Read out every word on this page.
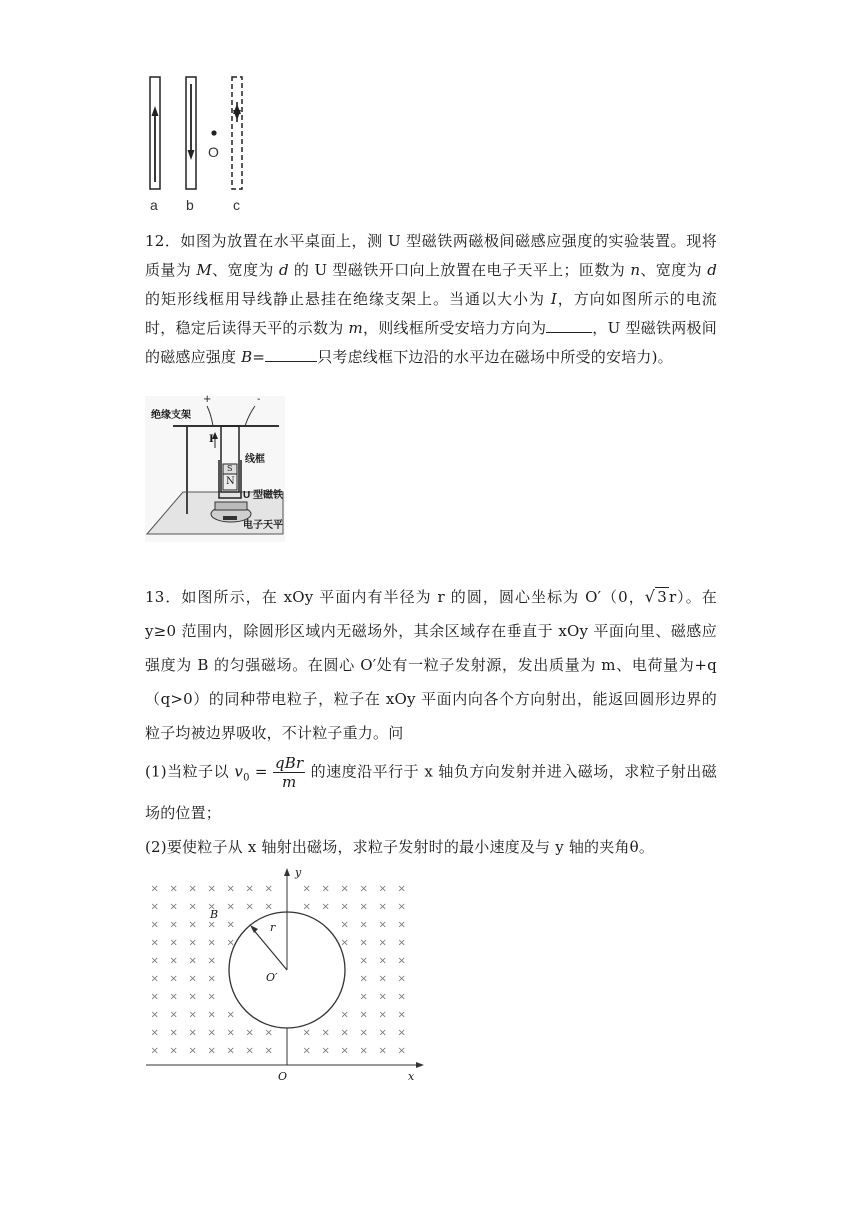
O
a b	c

12．如图为放置在水平桌面上，测 U 型磁铁两磁极间磁感应强度的实验装置。现将质量为 M、宽度为 d 的 U 型磁铁开口向上放置在电子天平上；匝数为 n、宽度为 d 的矩形线框用导线静止悬挂在绝缘支架上。当通以大小为 I，方向如图所示的电流时，稳定后读得天平的示数为 m，则线框所受安培力方向为	，U 型磁铁两极间的磁感应强度 B=	只考虑线框下边沿的水平边在磁场中所受的安培力)。

绝缘支架
+	-
I
线框
S
N
U 型磁铁
电子天平

13．如图所示，在 xOy 平面内有半径为 r 的圆，圆心坐标为 O′（0，√ 3 r）。在 y≥0 范围内，除圆形区域内无磁场外，其余区域存在垂直于 xOy 平面向里、磁感应强度为 B 的匀强磁场。在圆心 O′处有一粒子发射源，发出质量为 m、电荷量为+q（q>0）的同种带电粒子，粒子在 xOy 平面内向各个方向射出，能返回圆形边界的粒子均被边界吸收，不计粒子重力。问

(1)当粒子以 $v_0$ = qBr
m
的速度沿平行于 x 轴负方向发射并进入磁场，求粒子射出磁场的位置；

(2)要使粒子从 x 轴射出磁场，求粒子发射时的最小速度及与 y 轴的夹角θ。

× × × × × × ×	× × × × × ×
× × × × × × ×	× × × × × ×
× × × × ×	× × × ×
× × × × ×	× × × ×
× × × ×	× × ×
× × × ×	× × ×
× × × ×	× × ×
× × × × ×	× × × ×
× × × × × × ×	× × × × × ×
× × × × × × ×	× × × × × ×
y
x
O
O′
r
B
